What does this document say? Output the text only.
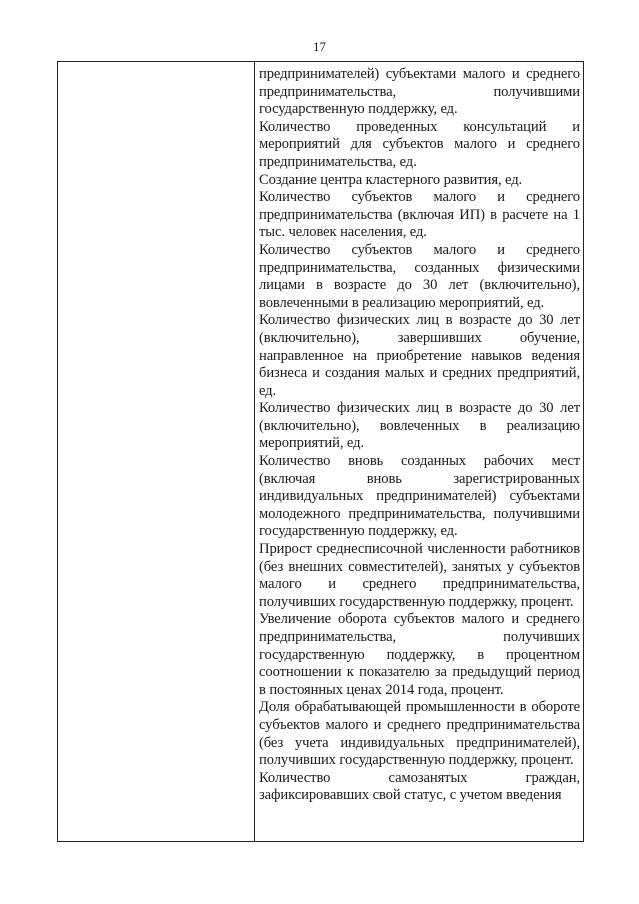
17

предпринимателей) субъектами малого и среднего предпринимательства, получившими государственную поддержку, ед.

Количество проведенных консультаций и мероприятий для субъектов малого и среднего предпринимательства, ед.

Создание центра кластерного развития, ед.

Количество субъектов малого и среднего предпринимательства (включая ИП) в расчете на 1 тыс. человек населения, ед.

Количество субъектов малого и среднего предпринимательства, созданных физическими лицами в возрасте до 30 лет (включительно), вовлеченными в реализацию мероприятий, ед.

Количество физических лиц в возрасте до 30 лет (включительно), завершивших обучение, направленное на приобретение навыков ведения бизнеса и создания малых и средних предприятий, ед.

Количество физических лиц в возрасте до 30 лет (включительно), вовлеченных в реализацию мероприятий, ед.

Количество вновь созданных рабочих мест (включая вновь зарегистрированных индивидуальных предпринимателей) субъектами молодежного предпринимательства, получившими государственную поддержку, ед.

Прирост среднесписочной численности работников (без внешних совместителей), занятых у субъектов малого и среднего предпринимательства, получивших государственную поддержку, процент.

Увеличение оборота субъектов малого и среднего предпринимательства, получивших государственную поддержку, в процентном соотношении к показателю за предыдущий период в постоянных ценах 2014 года, процент.

Доля обрабатывающей промышленности в обороте субъектов малого и среднего предпринимательства (без учета индивидуальных предпринимателей), получивших государственную поддержку, процент.

Количество самозанятых граждан, зафиксировавших свой статус, с учетом введения
